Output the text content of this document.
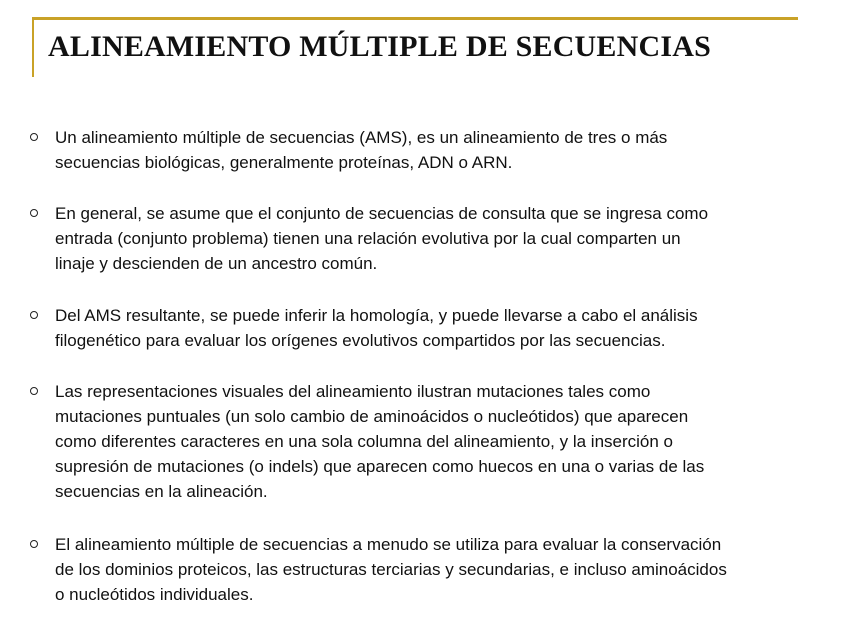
ALINEAMIENTO MÚLTIPLE DE SECUENCIAS
Un alineamiento múltiple de secuencias (AMS), es un alineamiento de tres o más
secuencias biológicas, generalmente proteínas, ADN o ARN.
En general, se asume que el conjunto de secuencias de consulta que se ingresa como
entrada (conjunto problema) tienen una relación evolutiva por la cual comparten un
linaje y descienden de un ancestro común.
Del AMS resultante, se puede inferir la homología, y puede llevarse a cabo el análisis
filogenético para evaluar los orígenes evolutivos compartidos por las secuencias.
Las representaciones visuales del alineamiento ilustran mutaciones tales como
mutaciones puntuales (un solo cambio de aminoácidos o nucleótidos) que aparecen
como diferentes caracteres en una sola columna del alineamiento, y la inserción o
supresión de mutaciones (o indels) que aparecen como huecos en una o varias de las
secuencias en la alineación.
El alineamiento múltiple de secuencias a menudo se utiliza para evaluar la conservación
de los dominios proteicos, las estructuras terciarias y secundarias, e incluso aminoácidos
o nucleótidos individuales.
